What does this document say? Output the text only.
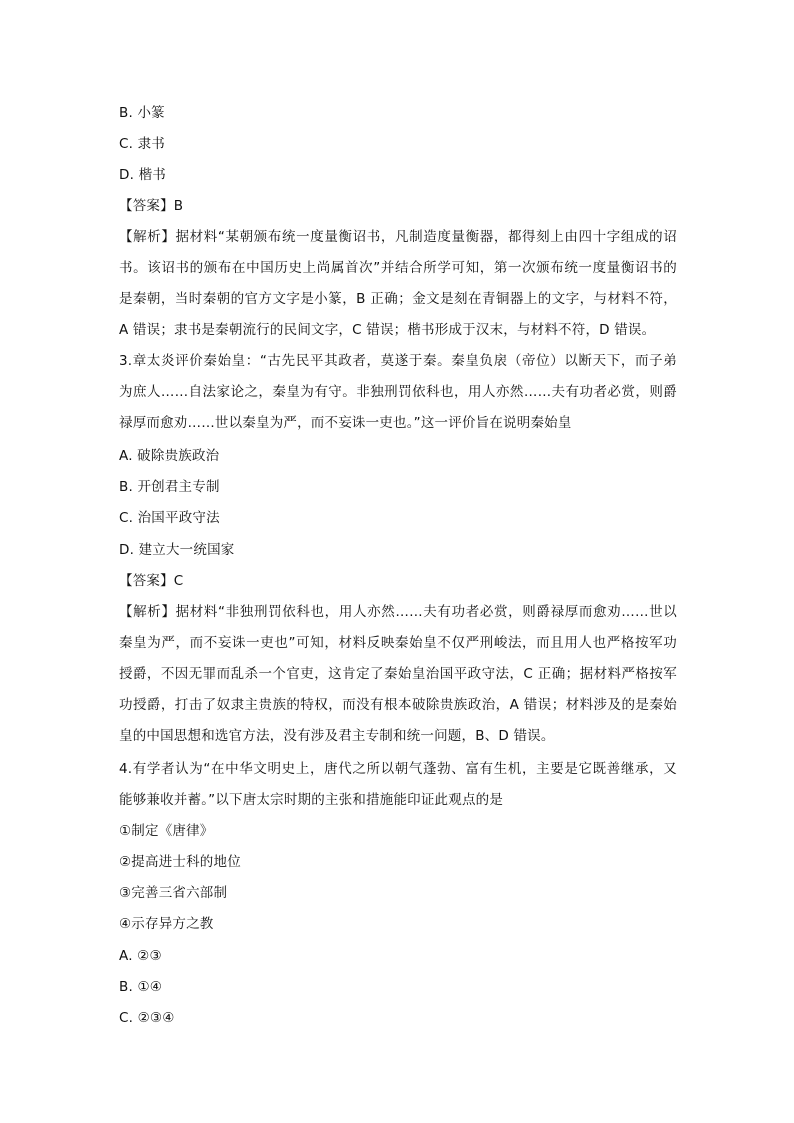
B. 小篆
C. 隶书
D. 楷书
【答案】B
【解析】据材料“某朝颁布统一度量衡诏书，凡制造度量衡器，都得刻上由四十字组成的诏
书。该诏书的颁布在中国历史上尚属首次”并结合所学可知，第一次颁布统一度量衡诏书的
是秦朝，当时秦朝的官方文字是小篆，B 正确；金文是刻在青铜器上的文字，与材料不符，
A 错误；隶书是秦朝流行的民间文字，C 错误；楷书形成于汉末，与材料不符，D 错误。
3.章太炎评价秦始皇：“古先民平其政者，莫遂于秦。秦皇负扆（帝位）以断天下，而子弟
为庶人……自法家论之，秦皇为有守。非独刑罚依科也，用人亦然……夫有功者必赏，则爵
禄厚而愈劝……世以秦皇为严，而不妄诛一吏也。”这一评价旨在说明秦始皇
A. 破除贵族政治
B. 开创君主专制
C. 治国平政守法
D. 建立大一统国家
【答案】C
【解析】据材料“非独刑罚依科也，用人亦然……夫有功者必赏，则爵禄厚而愈劝……世以
秦皇为严，而不妄诛一吏也”可知，材料反映秦始皇不仅严刑峻法，而且用人也严格按军功
授爵，不因无罪而乱杀一个官吏，这肯定了秦始皇治国平政守法，C 正确；据材料严格按军
功授爵，打击了奴隶主贵族的特权，而没有根本破除贵族政治，A 错误；材料涉及的是秦始
皇的中国思想和选官方法，没有涉及君主专制和统一问题，B、D 错误。
4.有学者认为“在中华文明史上，唐代之所以朝气蓬勃、富有生机，主要是它既善继承，又
能够兼收并蓄。”以下唐太宗时期的主张和措施能印证此观点的是
①制定《唐律》
②提高进士科的地位
③完善三省六部制
④示存异方之教
A. ②③
B. ①④
C. ②③④
